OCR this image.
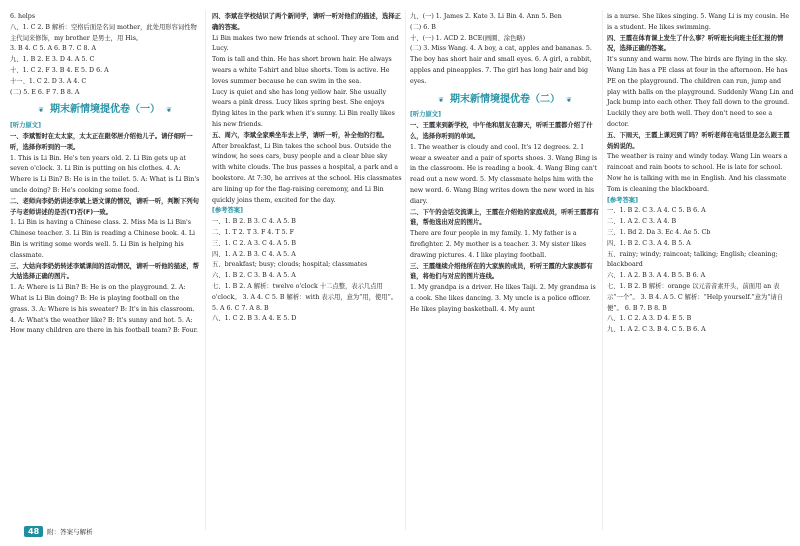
6. helps

八、1. C 2. B 解析：空格后面是名词 mother，此处用形容词性物主代词来修饰，my brother 是男士，用 His。

3. B 4. C 5. A 6. B 7. C 8. A

九、1. B 2. E 3. D 4. A 5. C

十、1. C 2. F 3. B 4. E 5. D 6. A

十一、1. C 2. D 3. A 4. C

(二) 5. E 6. F 7. B 8. A

❦ 期末新情境提优卷（一） ❦

[听力原文]

一、李斌暂时在太太家，太太正在跟邻居介绍他儿子。请仔细听一听，选择你听到的一项。

1. This is Li Bin. He's ten years old. 2. Li Bin gets up at seven o'clock. 3. Li Bin is putting on his clothes. 4. A: Where is Li Bin? B: He is in the toilet. 5. A: What is Li Bin's uncle doing? B: He's cooking some food.

二、老师向李奶奶讲述李斌上语文课的情况，请听一听，判断下列句子与老师讲述的是否(T)否(F)一致。

1. Li Bin is having a Chinese class. 2. Miss Ma is Li Bin's Chinese teacher. 3. Li Bin is reading a Chinese book. 4. Li Bin is writing some words well. 5. Li Bin is helping his classmate.

三、大姑向李奶奶转述李斌课间的活动情况，请听一听他的描述，帮大姑选择正确的图片。

1. A: Where is Li Bin? B: He is on the playground. 2. A: What is Li Bin doing? B: He is playing football on the grass. 3. A: Where is his sweater? B: It's in his classroom. 4. A: What's the weather like? B: It's sunny and hot. 5. A: How many children are there in his football team? B: Four.

四、李斌在学校结识了两个新同学，请听一听对他们的描述，选择正确的答案。

Li Bin makes two new friends at school. They are Tom and Lucy.

Tom is tall and thin. He has short brown hair. He always wears a white T-shirt and blue shorts. Tom is active. He loves summer because he can swim in the sea.

Lucy is quiet and she has long yellow hair. She usually wears a pink dress. Lucy likes spring best. She enjoys flying kites in the park when it's sunny. Li Bin really likes his new friends.

五、周六，李斌全家乘坐车去上学，请听一听，补全他的行程。

After breakfast, Li Bin takes the school bus. Outside the window, he sees cars, busy people and a clear blue sky with white clouds. The bus passes a hospital, a park and a bookstore. At 7:30, he arrives at the school. His classmates are lining up for the flag-raising ceremony, and Li Bin quickly joins them, excited for the day.

[参考答案]

一、1. B 2. B 3. C 4. A 5. B

二、1. T 2. T 3. F 4. T 5. F

三、1. C 2. A 3. C 4. A 5. B

四、1. A 2. B 3. C 4. A 5. A

五、breakfast; busy; clouds; hospital; classmates

六、1. B 2. C 3. B 4. A 5. A

七、1. B 2. A 解析：twelve o'clock 十二点整，表示几点用 o'clock。 3. A 4. C 5. B 解析：with 表示用，意为“用，使用”。 5. A 6. C 7. A 8. B

八、1. C 2. B 3. A 4. E 5. D

九、(一) 1. James 2. Kate 3. Li Bin 4. Ann 5. Ben

(二) 6. B

十、(一) 1. ACD 2. BCE(画圈、涂色略)

(二) 3. Miss Wang. 4. A boy, a cat, apples and bananas. 5. The boy has short hair and small eyes. 6. A girl, a rabbit, apples and pineapples. 7. The girl has long hair and big eyes.

❦ 期末新情境提优卷（二） ❦

[听力原文]

一、王霞来到新学校，中午他和朋友在聊天，听听王霞都介绍了什么，选择你听到的单词。

1. The weather is cloudy and cool. It's 12 degrees. 2. I wear a sweater and a pair of sports shoes. 3. Wang Bing is in the classroom. He is reading a book. 4. Wang Bing can't read out a new word. 5. My classmate helps him with the new word. 6. Wang Bing writes down the new word in his diary.

二、下午的会话交流课上，王霞在介绍他的家庭成员，听听王霞都有谁，帮他选出对应的图片。

There are four people in my family. 1. My father is a firefighter. 2. My mother is a teacher. 3. My sister likes drawing pictures. 4. I like playing football.

三、王霞继续介绍他所在的大家族的成员，听听王霞的大家族都有谁，将他们与对应的图片连线。

1. My grandpa is a driver. He likes Taiji. 2. My grandma is a cook. She likes dancing. 3. My uncle is a police officer. He likes playing basketball. 4. My aunt

is a nurse. She likes singing. 5. Wang Li is my cousin. He is a student. He likes swimming.

四、王霞在体育课上发生了什么事？听听班长向班主任汇报的情况，选择正确的答案。

It's sunny and warm now. The birds are flying in the sky. Wang Lin has a PE class at four in the afternoon. He has PE on the playground. The children can run, jump and play with balls on the playground. Suddenly Wang Lin and Jack bump into each other. They fall down to the ground. Luckily they are both well. They don't need to see a doctor.

五、下雨天，王霞上课迟到了吗？听听老师在电话里是怎么跟王霞妈妈说的。

The weather is rainy and windy today. Wang Lin wears a raincoat and rain boots to school. He is late for school. Now he is talking with me in English. And his classmate Tom is cleaning the blackboard.

[参考答案]

一、1. B 2. C 3. A 4. C 5. B 6. A

二、1. A 2. C 3. A 4. B

三、1. Bd 2. Da 3. Ec 4. Ae 5. Cb

四、1. B 2. C 3. A 4. B 5. A

五、rainy; windy; raincoat; talking; English; cleaning; blackboard

六、1. A 2. B 3. A 4. B 5. B 6. A

七、1. B 2. B 解析：orange 以元音音素开头，前面用 an 表示“一个”。 3. B 4. A 5. C 解析：“Help yourself.”意为“请自便”。 6. B 7. B 8. B

八、1. C 2. A 3. D 4. E 5. B

九、1. A 2. C 3. B 4. C 5. B 6. A

48	附：答案与解析
